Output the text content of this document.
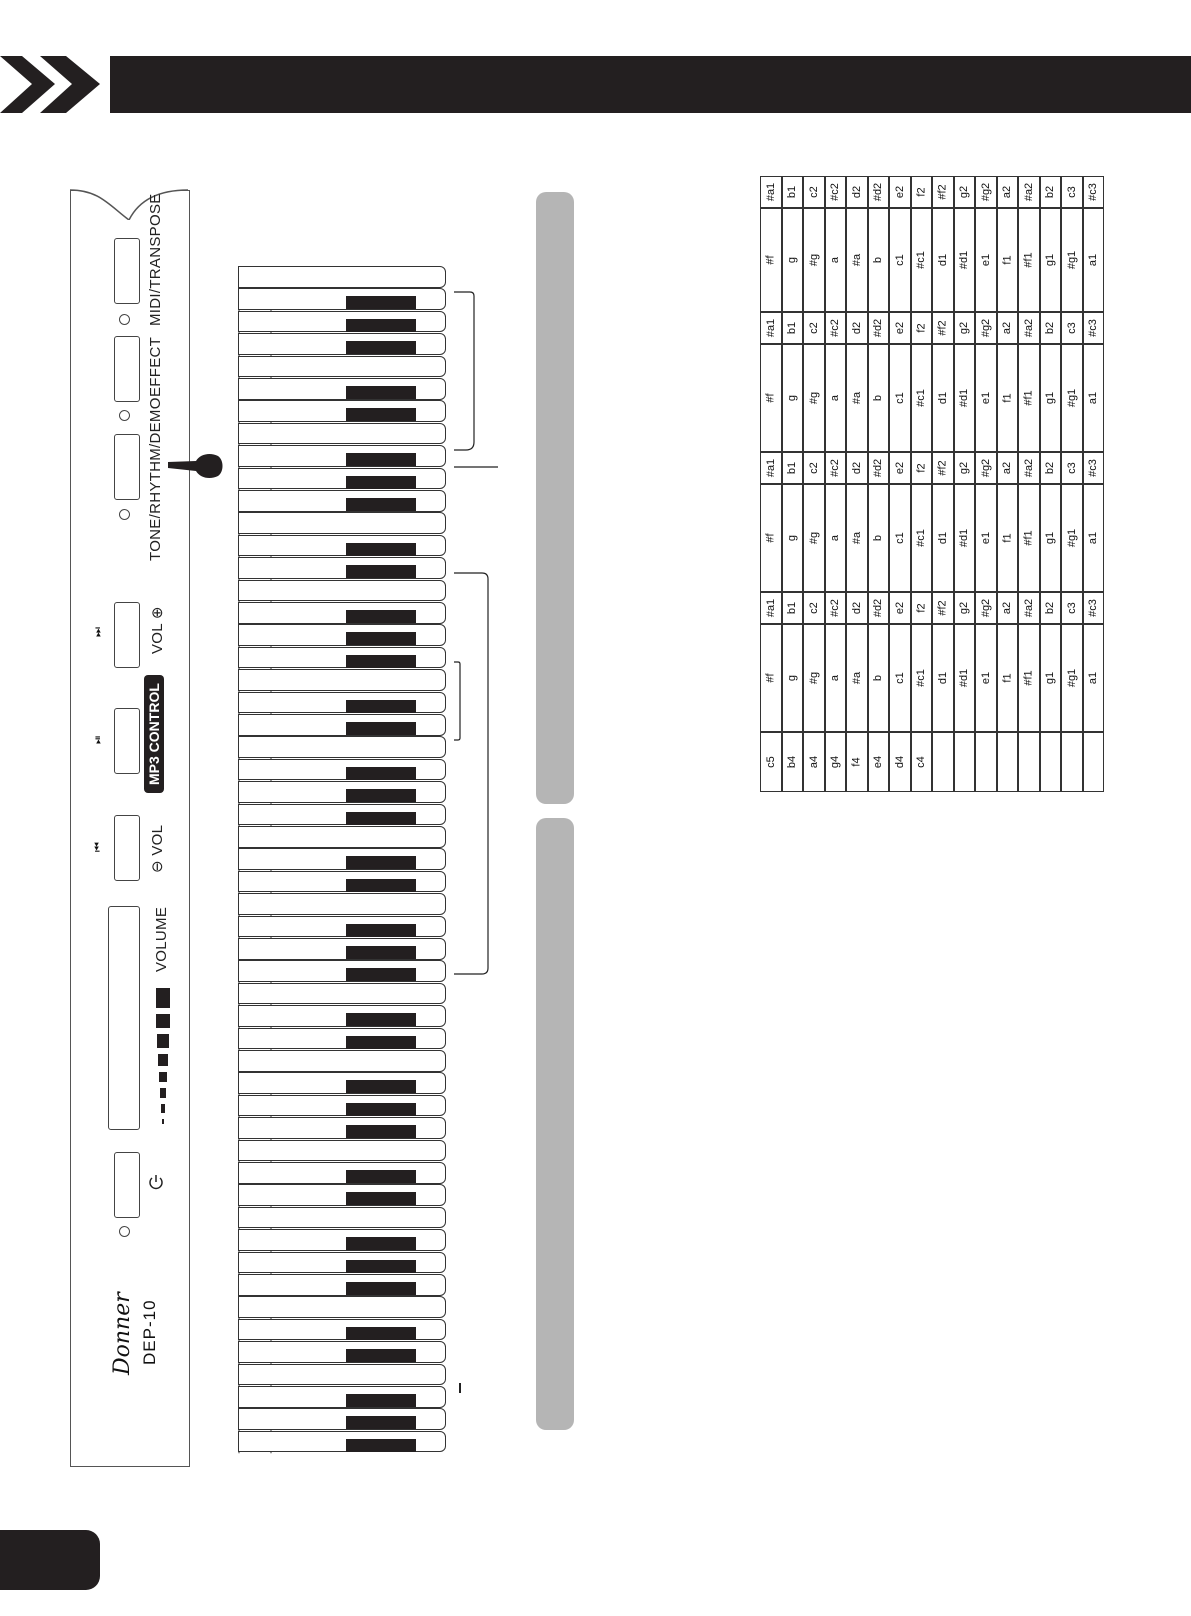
Donner DEP-10
VOLUME
⏮
⊖ VOL
⏯	MP3 CONTROL
⏭	VOL ⊕
TONE/RHYTHM/DEMO
EFFECT
MIDI/TRANSPOSE
#a1
#f
#a1
#f
#a1
#f
#a1
#f
c5
b1
g
b1
g
b1
g
b1
g
b4
c2
#g
c2
#g
c2
#g
c2
#g
a4
#c2
a
#c2
a
#c2
a
#c2
a
g4
d2
#a
d2
#a
d2
#a
d2
#a
f4
#d2
b
#d2
b
#d2
b
#d2
b
e4
e2
c1
e2
c1
e2
c1
e2
c1
d4
f2
#c1
f2
#c1
f2
#c1
f2
#c1
c4
#f2
d1
#f2
d1
#f2
d1
#f2
d1
g2
#d1
g2
#d1
g2
#d1
g2
#d1
#g2
e1
#g2
e1
#g2
e1
#g2
e1
a2
f1
a2
f1
a2
f1
a2
f1
#a2
#f1
#a2
#f1
#a2
#f1
#a2
#f1
b2
g1
b2
g1
b2
g1
b2
g1
c3
#g1
c3
#g1
c3
#g1
c3
#g1
#c3
a1
#c3
a1
#c3
a1
#c3
a1
